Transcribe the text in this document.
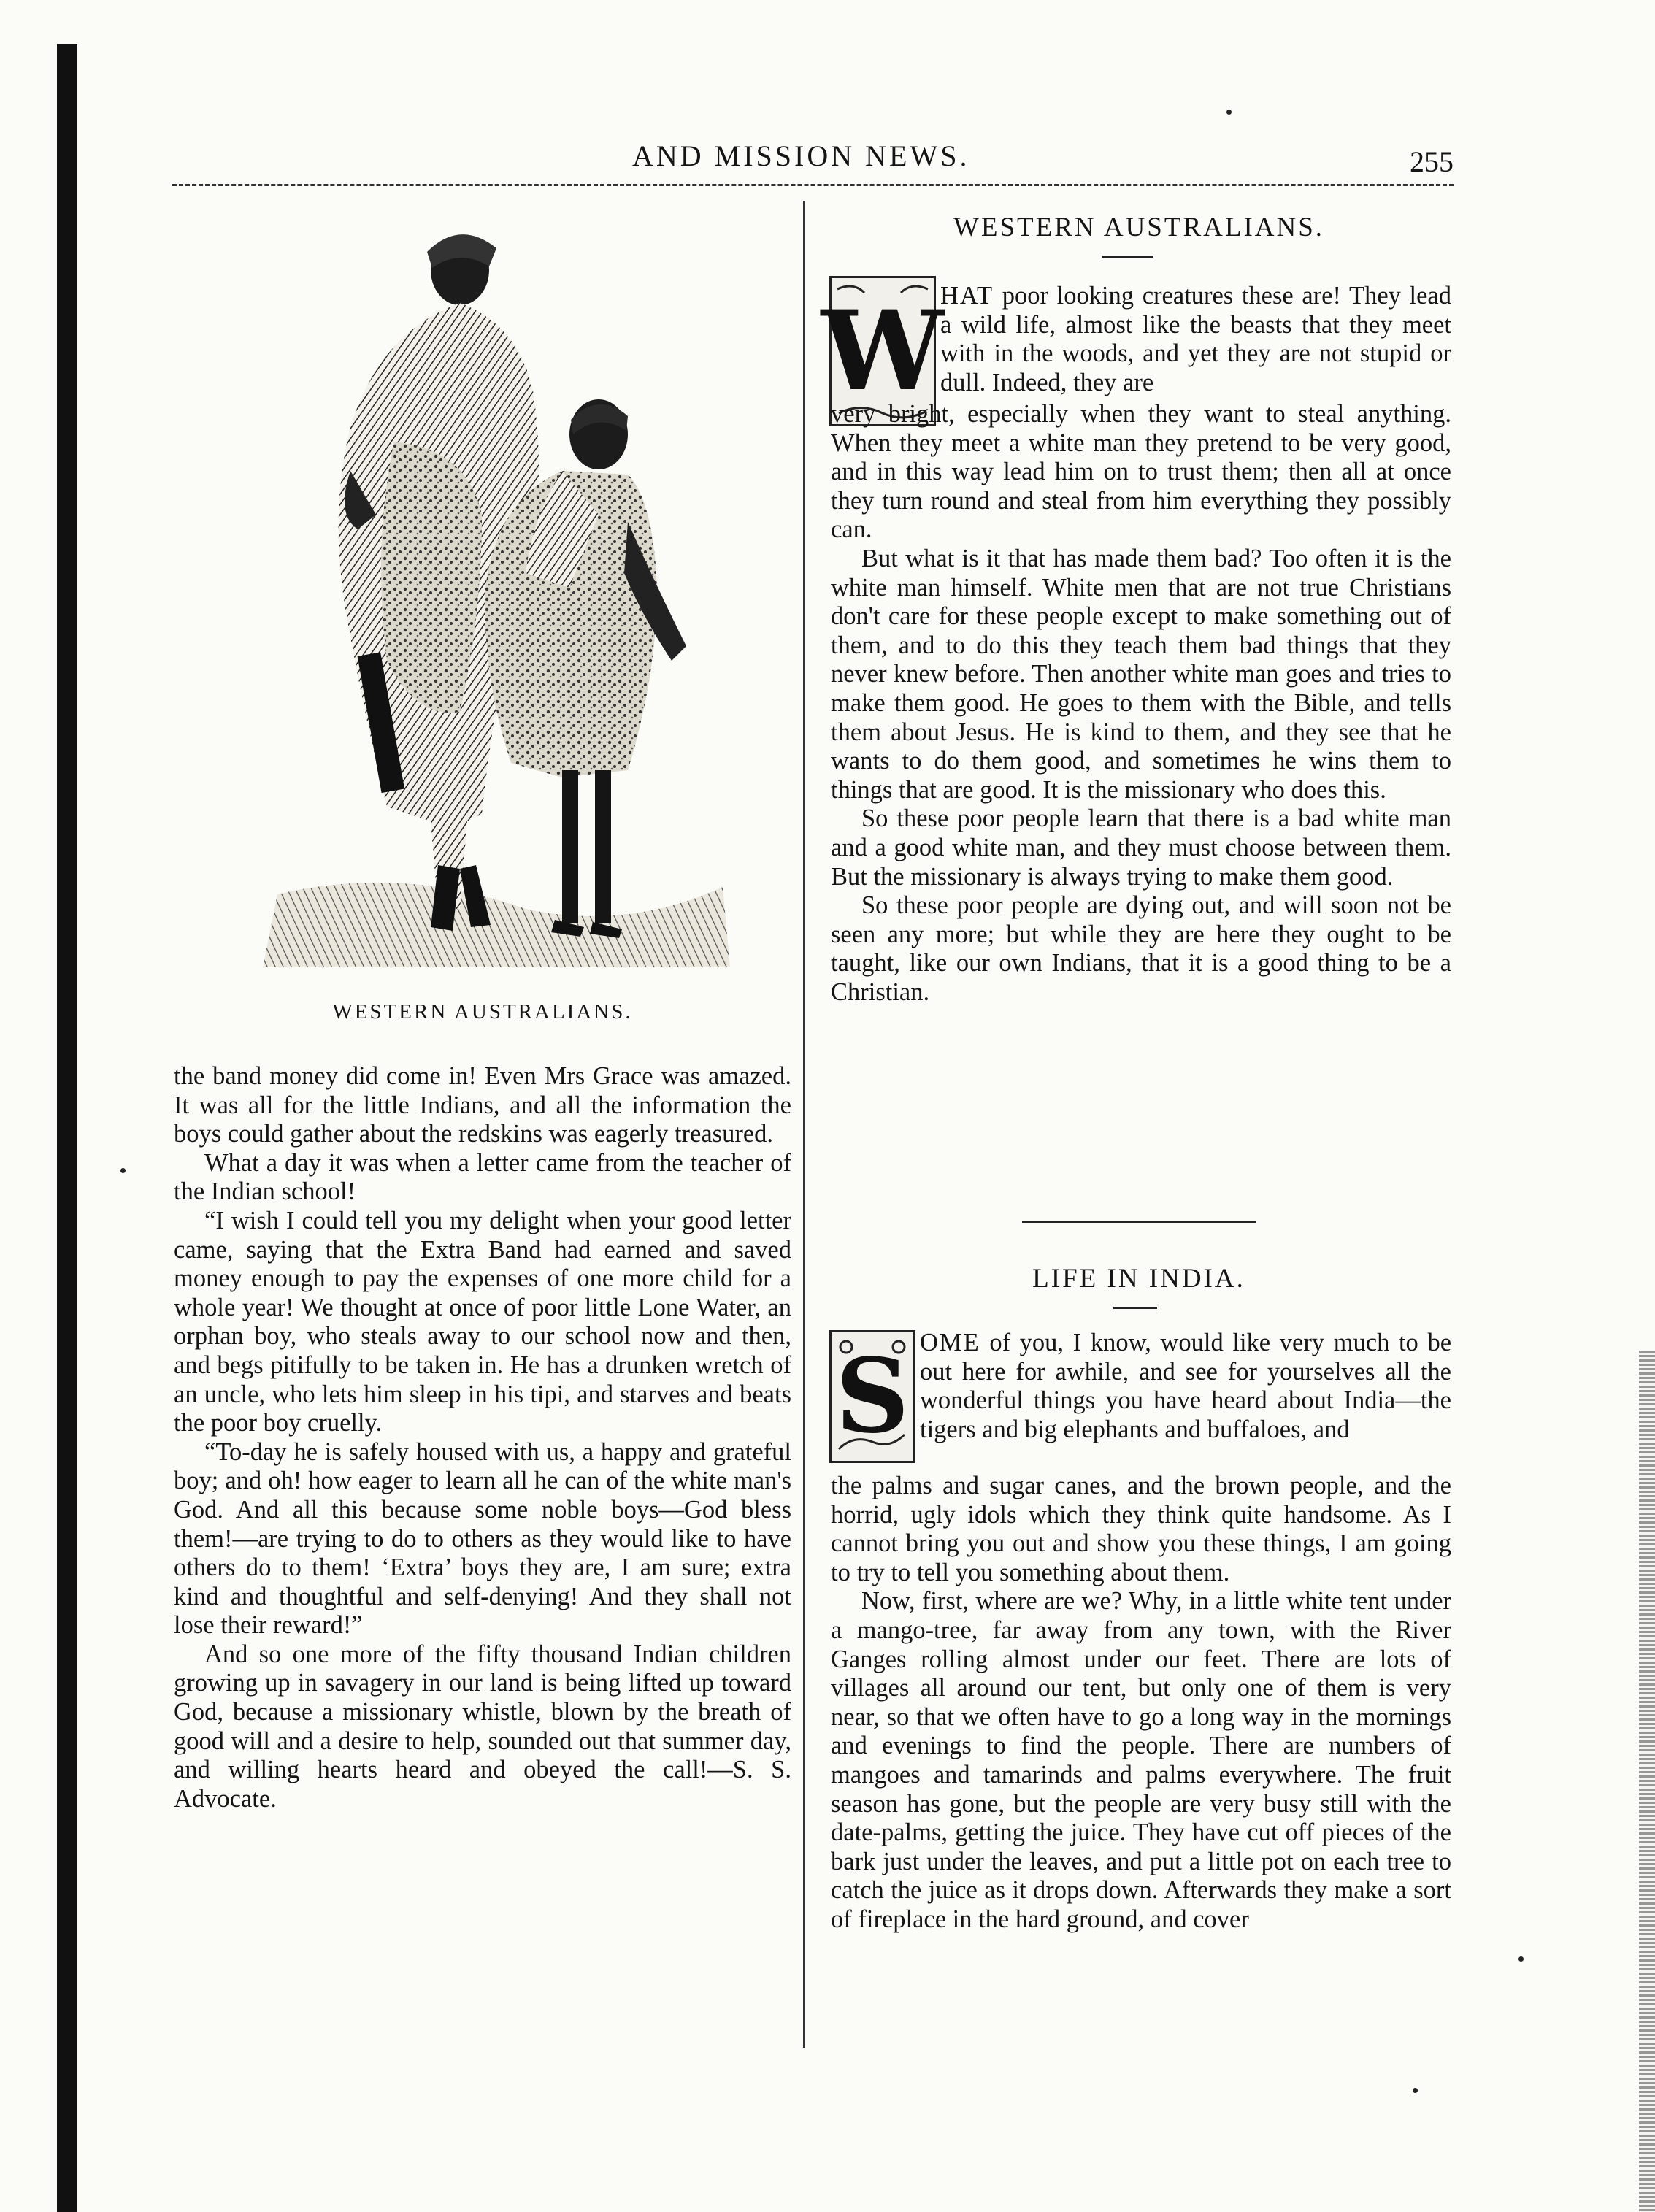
AND MISSION NEWS.	255
WESTERN AUSTRALIANS.

the band money did come in! Even Mrs Grace was amazed. It was all for the little Indians, and all the information the boys could gather about the redskins was eagerly treasured.

What a day it was when a letter came from the teacher of the Indian school!

“I wish I could tell you my delight when your good letter came, saying that the Extra Band had earned and saved money enough to pay the expenses of one more child for a whole year! We thought at once of poor little Lone Water, an orphan boy, who steals away to our school now and then, and begs pitifully to be taken in. He has a drunken wretch of an uncle, who lets him sleep in his tipi, and starves and beats the poor boy cruelly.

“To-day he is safely housed with us, a happy and grateful boy; and oh! how eager to learn all he can of the white man's God. And all this because some noble boys—God bless them!—are trying to do to others as they would like to have others do to them! ‘Extra’ boys they are, I am sure; extra kind and thoughtful and self-denying! And they shall not lose their reward!”

And so one more of the fifty thousand Indian children growing up in savagery in our land is being lifted up toward God, because a missionary whistle, blown by the breath of good will and a desire to help, sounded out that summer day, and willing hearts heard and obeyed the call!—S. S. Advocate.

WESTERN AUSTRALIANS.
W

HAT poor looking creatures these are! They lead a wild life, almost like the beasts that they meet with in the woods, and yet they are not stupid or dull. Indeed, they are

very bright, especially when they want to steal anything. When they meet a white man they pretend to be very good, and in this way lead him on to trust them; then all at once they turn round and steal from him everything they possibly can.

But what is it that has made them bad? Too often it is the white man himself. White men that are not true Christians don't care for these people except to make something out of them, and to do this they teach them bad things that they never knew before. Then another white man goes and tries to make them good. He goes to them with the Bible, and tells them about Jesus. He is kind to them, and they see that he wants to do them good, and sometimes he wins them to things that are good. It is the missionary who does this.

So these poor people learn that there is a bad white man and a good white man, and they must choose between them. But the missionary is always trying to make them good.

So these poor people are dying out, and will soon not be seen any more; but while they are here they ought to be taught, like our own Indians, that it is a good thing to be a Christian.

LIFE IN INDIA.
S OME of you, I know, would like very much to be out here for awhile, and see for yourselves all the wonderful things you have heard about India—the tigers and big elephants and buffaloes, and

the palms and sugar canes, and the brown people, and the horrid, ugly idols which they think quite handsome. As I cannot bring you out and show you these things, I am going to try to tell you something about them.

Now, first, where are we? Why, in a little white tent under a mango-tree, far away from any town, with the River Ganges rolling almost under our feet. There are lots of villages all around our tent, but only one of them is very near, so that we often have to go a long way in the mornings and evenings to find the people. There are numbers of mangoes and tamarinds and palms everywhere. The fruit season has gone, but the people are very busy still with the date-palms, getting the juice. They have cut off pieces of the bark just under the leaves, and put a little pot on each tree to catch the juice as it drops down. Afterwards they make a sort of fireplace in the hard ground, and cover
